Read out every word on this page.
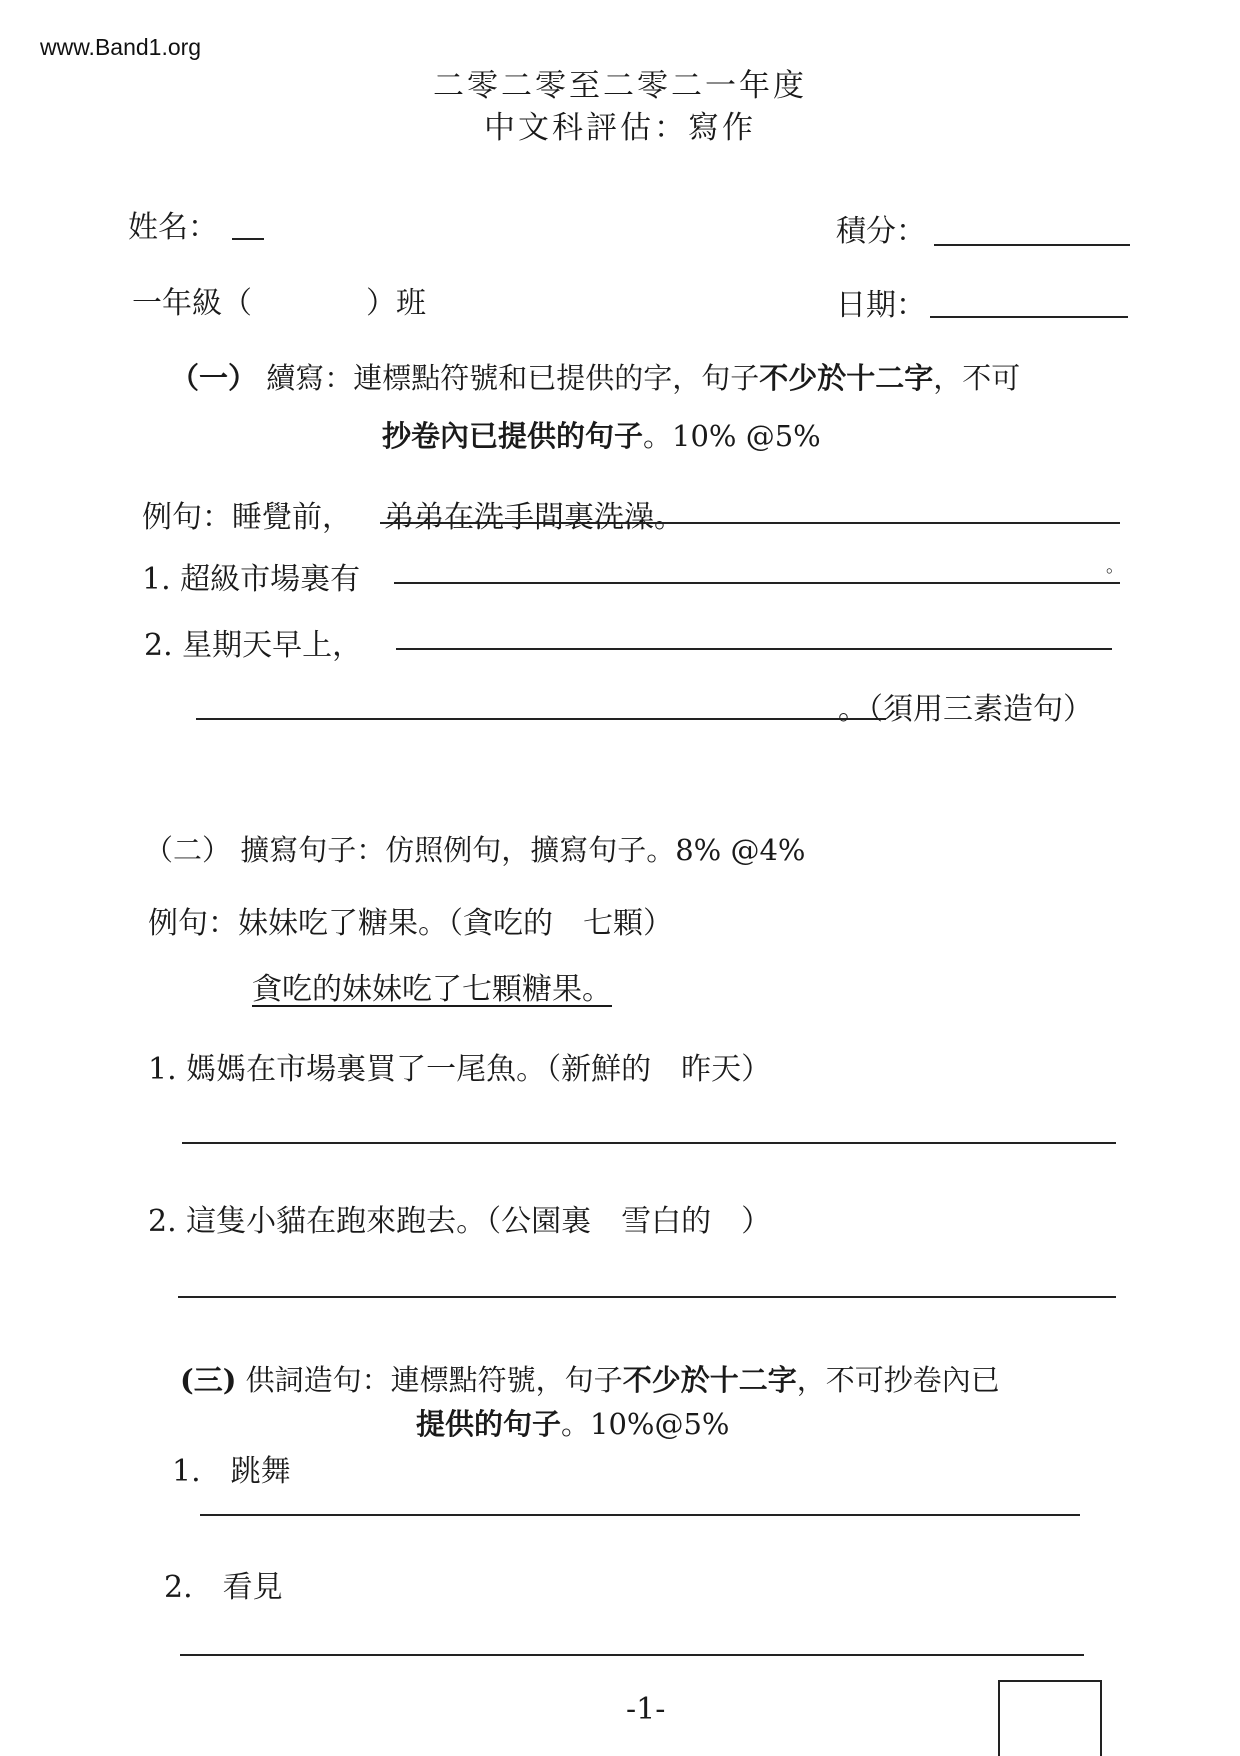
www.Band1.org
二零二零至二零二一年度
中文科評估：寫作
姓名：	積分：
一年級（	）班	日期：
（一） 續寫：連標點符號和已提供的字，句子不少於十二字，不可
抄卷內已提供的句子。10% @5%
例句：睡覺前， 弟弟在洗手間裏洗澡。
1. 超級市場裏有	。
2. 星期天早上，
。（須用三素造句）
（二） 擴寫句子：仿照例句，擴寫句子。8% @4%
例句：妹妹吃了糖果。（貪吃的　七顆）
貪吃的妹妹吃了七顆糖果。
1. 媽媽在市場裏買了一尾魚。（新鮮的　昨天）
2. 這隻小貓在跑來跑去。（公園裏　雪白的　）
(三) 供詞造句：連標點符號，句子不少於十二字，不可抄卷內已
提供的句子。10%@5%
1.　跳舞
2.　看見
-1-
